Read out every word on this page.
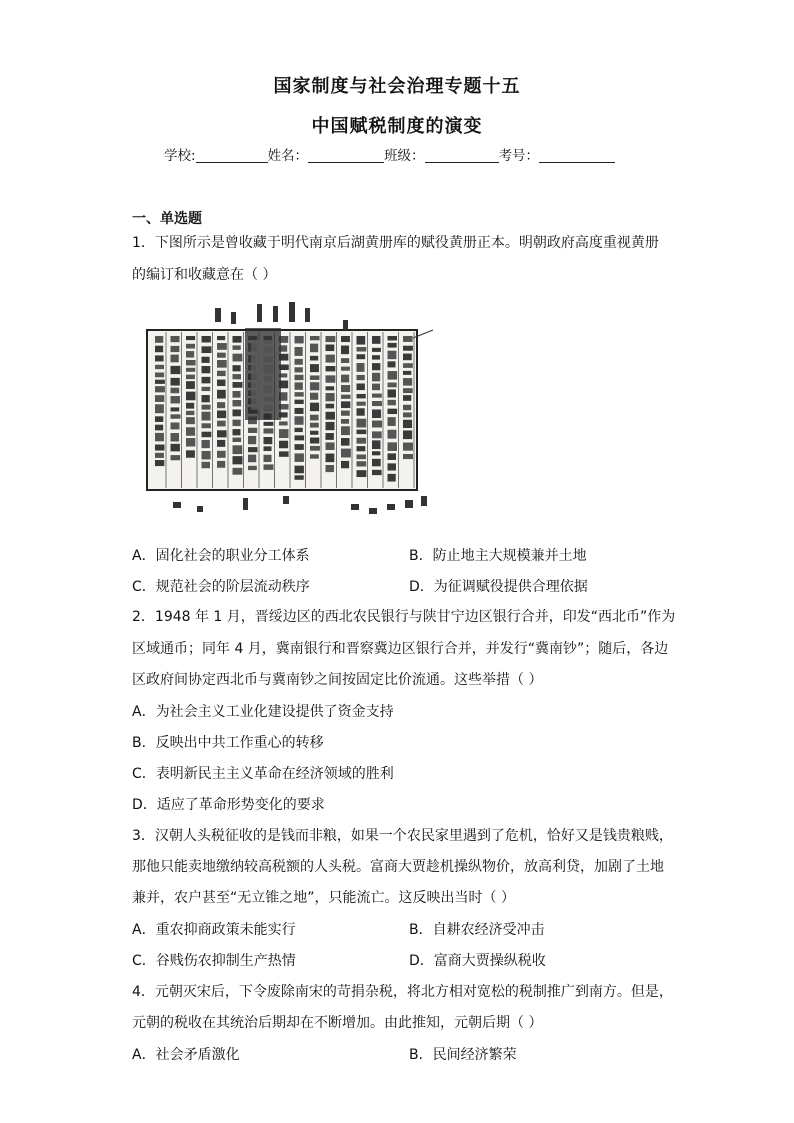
国家制度与社会治理专题十五
中国赋税制度的演变
学校:	姓名：	班级：	考号：
一、单选题
1．下图所示是曾收藏于明代南京后湖黄册库的赋役黄册正本。明朝政府高度重视黄册
的编订和收藏意在（ ）
A．固化社会的职业分工体系	B．防止地主大规模兼并土地
C．规范社会的阶层流动秩序	D．为征调赋役提供合理依据
2．1948 年 1 月，晋绥边区的西北农民银行与陕甘宁边区银行合并，印发“西北币”作为
区域通币；同年 4 月，冀南银行和晋察冀边区银行合并，并发行“冀南钞”；随后，各边
区政府间协定西北币与冀南钞之间按固定比价流通。这些举措（ ）
A．为社会主义工业化建设提供了资金支持
B．反映出中共工作重心的转移
C．表明新民主主义革命在经济领域的胜利
D．适应了革命形势变化的要求
3．汉朝人头税征收的是钱而非粮，如果一个农民家里遇到了危机，恰好又是钱贵粮贱，
那他只能卖地缴纳较高税额的人头税。富商大贾趁机操纵物价，放高利贷，加剧了土地
兼并，农户甚至“无立锥之地”，只能流亡。这反映出当时（ ）
A．重农抑商政策未能实行	B．自耕农经济受冲击
C．谷贱伤农抑制生产热情	D．富商大贾操纵税收
4．元朝灭宋后，下令废除南宋的苛捐杂税，将北方相对宽松的税制推广到南方。但是，
元朝的税收在其统治后期却在不断增加。由此推知，元朝后期（ ）
A．社会矛盾激化	B．民间经济繁荣
